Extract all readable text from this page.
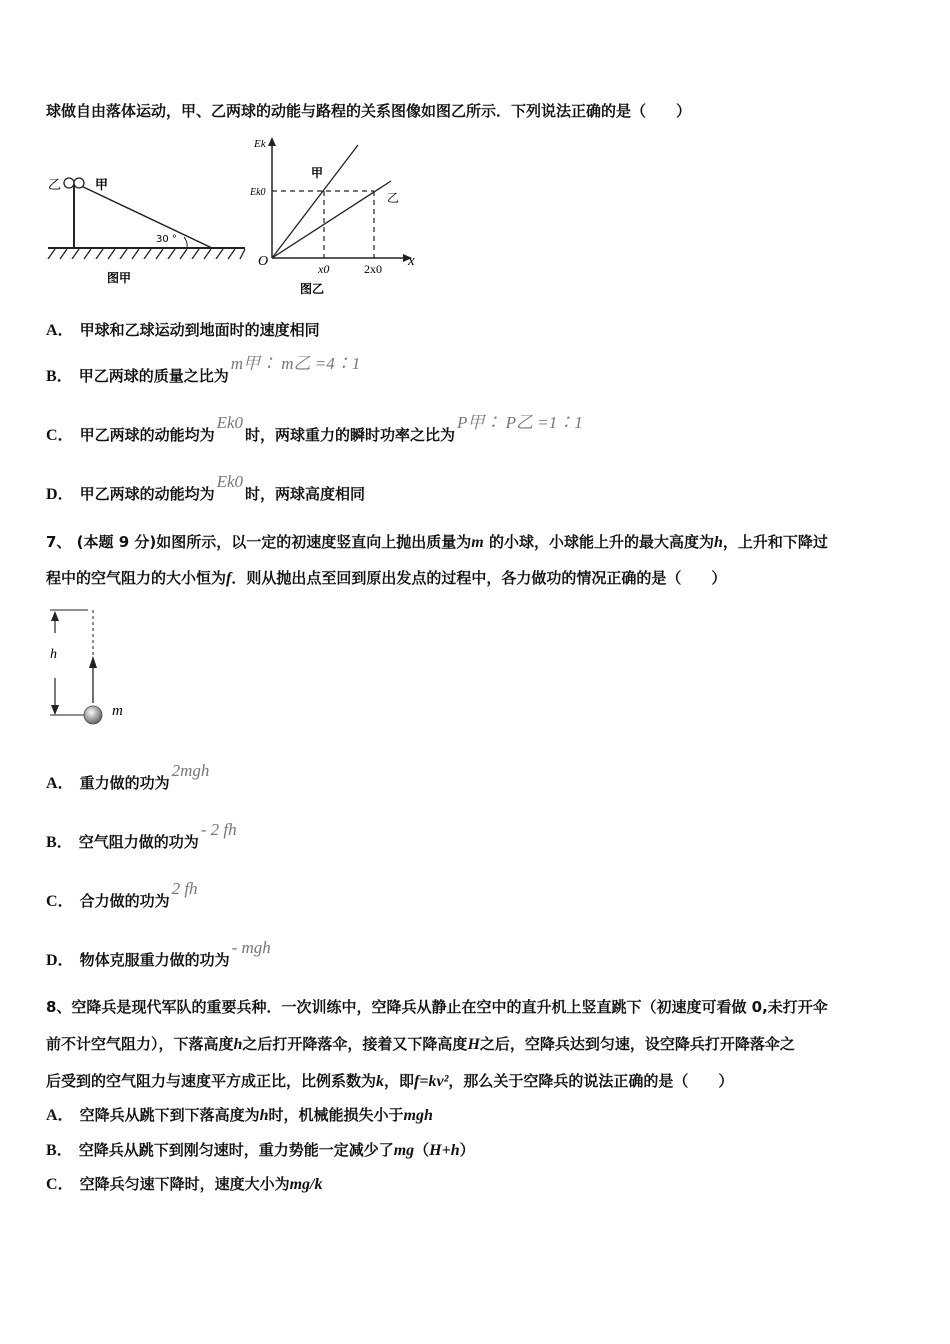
球做自由落体运动，甲、乙两球的动能与路程的关系图像如图乙所示．下列说法正确的是（　　）
乙	甲
30 °
图甲
Ek
Ek0
O	x0	2x0 x
甲
乙
图乙
A． 甲球和乙球运动到地面时的速度相同
B． 甲乙两球的质量之比为m甲∶ m乙 =4∶1
C． 甲乙两球的动能均为Ek0时，两球重力的瞬时功率之比为P甲∶ P乙 =1∶1
D． 甲乙两球的动能均为Ek0时，两球高度相同
7、 (本题 9 分)如图所示，以一定的初速度竖直向上抛出质量为m 的小球，小球能上升的最大高度为h，上升和下降过
程中的空气阻力的大小恒为f．则从抛出点至回到原出发点的过程中，各力做功的情况正确的是（　　）
h
m
A． 重力做的功为2mgh
B． 空气阻力做的功为- 2 fh
C． 合力做的功为2 fh
D． 物体克服重力做的功为- mgh
8、空降兵是现代军队的重要兵种．一次训练中，空降兵从静止在空中的直升机上竖直跳下（初速度可看做 0,未打开伞
前不计空气阻力），下落高度h之后打开降落伞，接着又下降高度H之后，空降兵达到匀速，设空降兵打开降落伞之
后受到的空气阻力与速度平方成正比，比例系数为k，即f=kv²，那么关于空降兵的说法正确的是（　　）
A． 空降兵从跳下到下落高度为h时，机械能损失小于mgh
B． 空降兵从跳下到刚匀速时，重力势能一定减少了mg（H+h）
C． 空降兵匀速下降时，速度大小为mg/k
